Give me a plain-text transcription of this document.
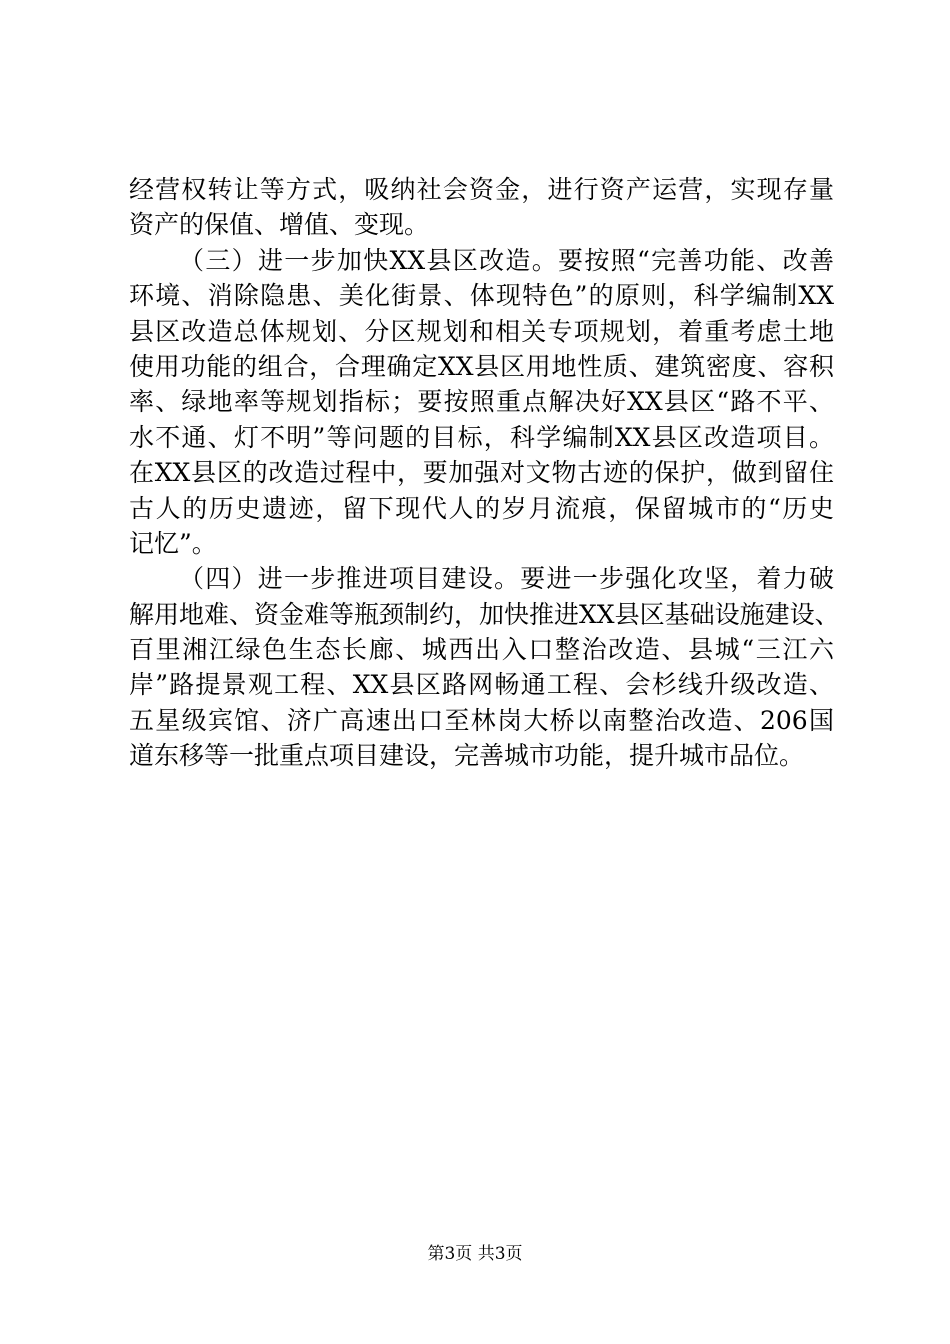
经营权转让等方式，吸纳社会资金，进行资产运营，实现存量
资产的保值、增值、变现。
（三）进一步加快XX县区改造。要按照“完善功能、改善
环境、消除隐患、美化街景、体现特色”的原则，科学编制XX
县区改造总体规划、分区规划和相关专项规划，着重考虑土地
使用功能的组合，合理确定XX县区用地性质、建筑密度、容积
率、绿地率等规划指标；要按照重点解决好XX县区“路不平、
水不通、灯不明”等问题的目标，科学编制XX县区改造项目。
在XX县区的改造过程中，要加强对文物古迹的保护，做到留住
古人的历史遗迹，留下现代人的岁月流痕，保留城市的“历史
记忆”。
（四）进一步推进项目建设。要进一步强化攻坚，着力破
解用地难、资金难等瓶颈制约，加快推进XX县区基础设施建设、
百里湘江绿色生态长廊、城西出入口整治改造、县城“三江六
岸”路提景观工程、XX县区路网畅通工程、会杉线升级改造、
五星级宾馆、济广高速出口至林岗大桥以南整治改造、206国
道东移等一批重点项目建设，完善城市功能，提升城市品位。
第3页 共3页
